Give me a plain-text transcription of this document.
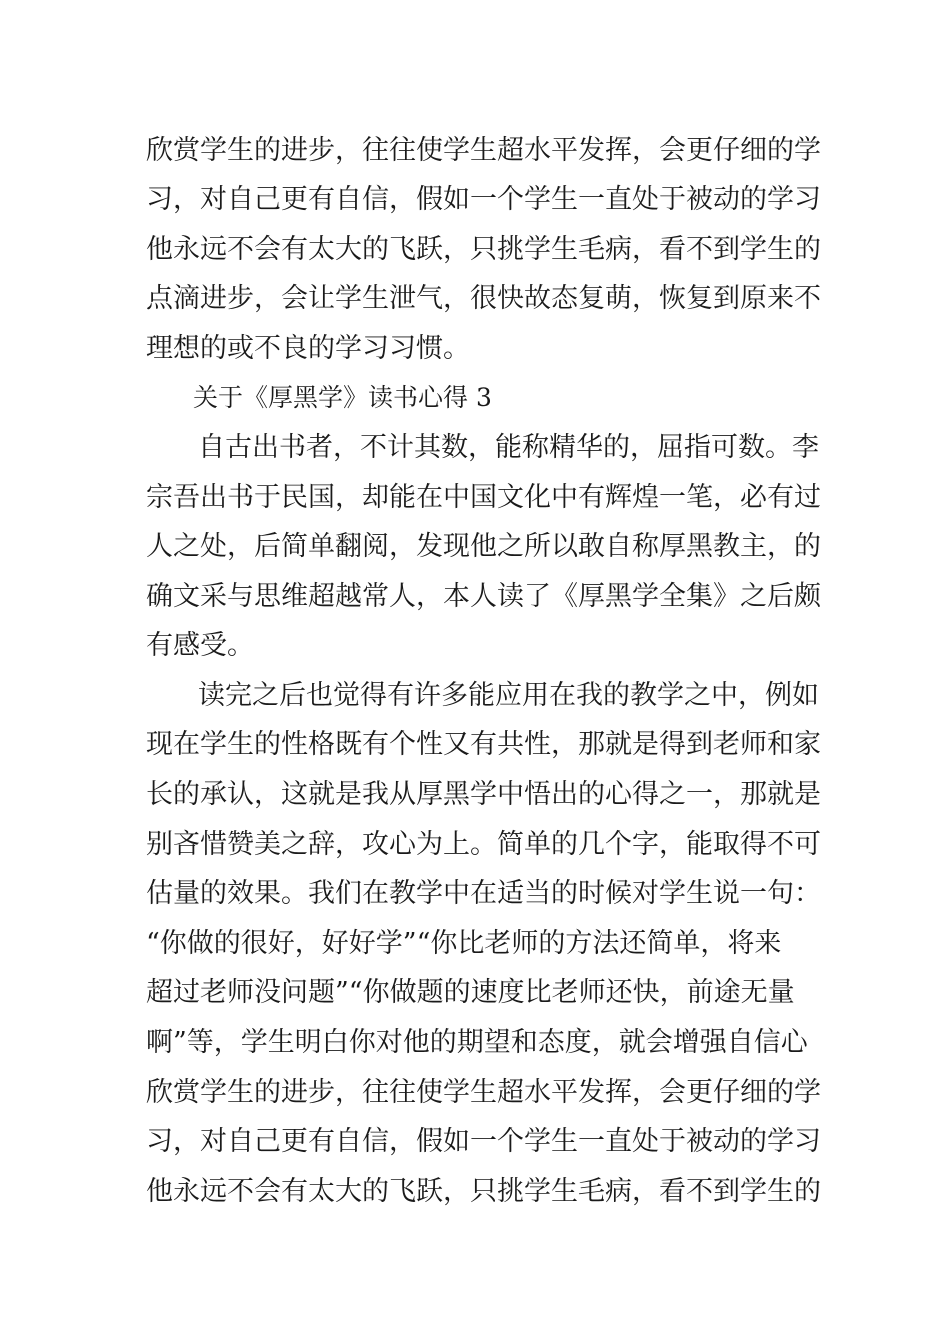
欣赏学生的进步，往往使学生超水平发挥，会更仔细的学
习，对自己更有自信，假如一个学生一直处于被动的学习
他永远不会有太大的飞跃，只挑学生毛病，看不到学生的
点滴进步，会让学生泄气，很快故态复萌，恢复到原来不
理想的或不良的学习习惯。
关于《厚黑学》读书心得 3
自古出书者，不计其数，能称精华的，屈指可数。李
宗吾出书于民国，却能在中国文化中有辉煌一笔，必有过
人之处，后简单翻阅，发现他之所以敢自称厚黑教主，的
确文采与思维超越常人，本人读了《厚黑学全集》之后颇
有感受。
读完之后也觉得有许多能应用在我的教学之中，例如
现在学生的性格既有个性又有共性，那就是得到老师和家
长的承认，这就是我从厚黑学中悟出的心得之一，那就是
别吝惜赞美之辞，攻心为上。简单的几个字，能取得不可
估量的效果。我们在教学中在适当的时候对学生说一句：
“你做的很好，好好学”“你比老师的方法还简单，将来
超过老师没问题”“你做题的速度比老师还快，前途无量
啊”等，学生明白你对他的期望和态度，就会增强自信心
欣赏学生的进步，往往使学生超水平发挥，会更仔细的学
习，对自己更有自信，假如一个学生一直处于被动的学习
他永远不会有太大的飞跃，只挑学生毛病，看不到学生的
